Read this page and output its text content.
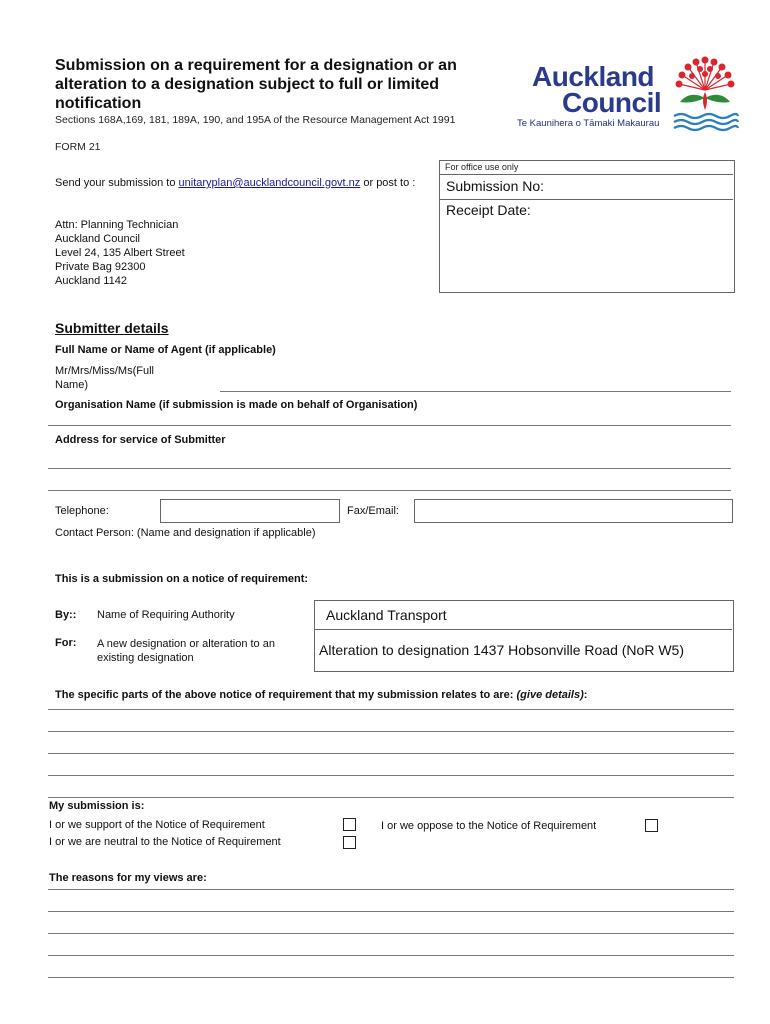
Submission on a requirement for a designation or an alteration to a designation subject to full or limited notification
Sections 168A,169, 181, 189A, 190, and 195A of the Resource Management Act 1991
FORM 21
Auckland
Council
Te Kaunihera o Tāmaki Makaurau
Send your submission to unitaryplan@aucklandcouncil.govt.nz or post to :
Attn: Planning Technician
Auckland Council
Level 24, 135 Albert Street
Private Bag 92300
Auckland 1142
For office use only
Submission No:
Receipt Date:
Submitter details
Full Name or Name of Agent (if applicable)
Mr/Mrs/Miss/Ms(Full Name)
Organisation Name (if submission is made on behalf of Organisation)
Address for service of Submitter
Telephone:	Fax/Email:
Contact Person: (Name and designation if applicable)
This is a submission on a notice of requirement:
By:: Name of Requiring Authority
For: A new designation or alteration to an existing designation
Auckland Transport
Alteration to designation 1437 Hobsonville Road (NoR W5)
The specific parts of the above notice of requirement that my submission relates to are: (give details):
My submission is:
I or we support of the Notice of Requirement	I or we oppose to the Notice of Requirement
I or we are neutral to the Notice of Requirement
The reasons for my views are:
